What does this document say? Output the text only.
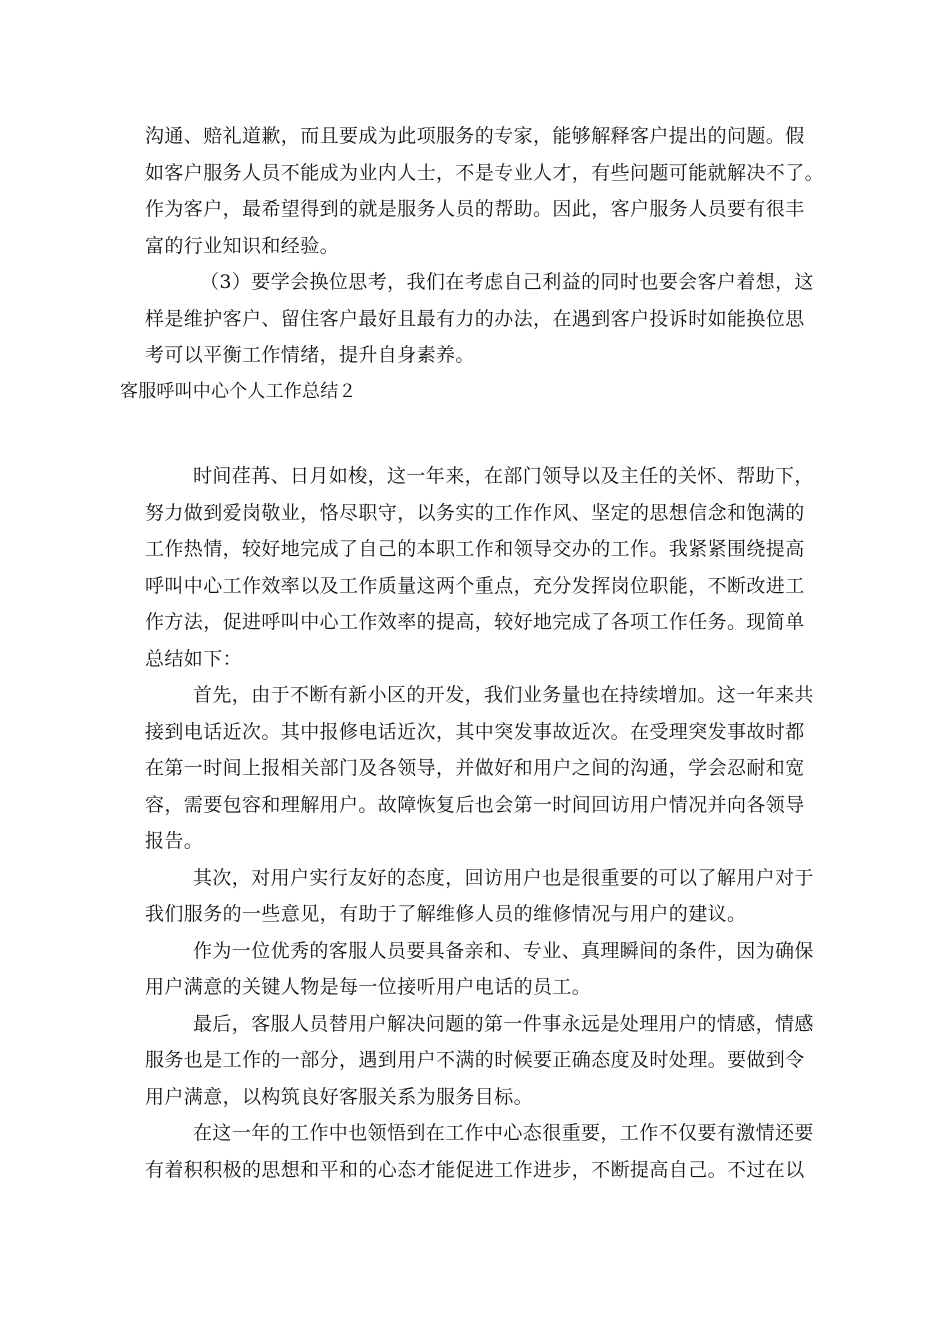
沟通、赔礼道歉，而且要成为此项服务的专家，能够解释客户提出的问题。假
如客户服务人员不能成为业内人士，不是专业人才，有些问题可能就解决不了。
作为客户，最希望得到的就是服务人员的帮助。因此，客户服务人员要有很丰
富的行业知识和经验。
（3）要学会换位思考，我们在考虑自己利益的同时也要会客户着想，这
样是维护客户、留住客户最好且最有力的办法，在遇到客户投诉时如能换位思
考可以平衡工作情绪，提升自身素养。
客服呼叫中心个人工作总结２
时间荏苒、日月如梭，这一年来，在部门领导以及主任的关怀、帮助下，
努力做到爱岗敬业，恪尽职守，以务实的工作作风、坚定的思想信念和饱满的
工作热情，较好地完成了自己的本职工作和领导交办的工作。我紧紧围绕提高
呼叫中心工作效率以及工作质量这两个重点，充分发挥岗位职能，不断改进工
作方法，促进呼叫中心工作效率的提高，较好地完成了各项工作任务。现简单
总结如下：
首先，由于不断有新小区的开发，我们业务量也在持续增加。这一年来共
接到电话近次。其中报修电话近次，其中突发事故近次。在受理突发事故时都
在第一时间上报相关部门及各领导，并做好和用户之间的沟通，学会忍耐和宽
容，需要包容和理解用户。故障恢复后也会第一时间回访用户情况并向各领导
报告。
其次，对用户实行友好的态度，回访用户也是很重要的可以了解用户对于
我们服务的一些意见，有助于了解维修人员的维修情况与用户的建议。
作为一位优秀的客服人员要具备亲和、专业、真理瞬间的条件，因为确保
用户满意的关键人物是每一位接听用户电话的员工。
最后，客服人员替用户解决问题的第一件事永远是处理用户的情感，情感
服务也是工作的一部分，遇到用户不满的时候要正确态度及时处理。要做到令
用户满意，以构筑良好客服关系为服务目标。
在这一年的工作中也领悟到在工作中心态很重要，工作不仅要有激情还要
有着积积极的思想和平和的心态才能促进工作进步，不断提高自己。不过在以
